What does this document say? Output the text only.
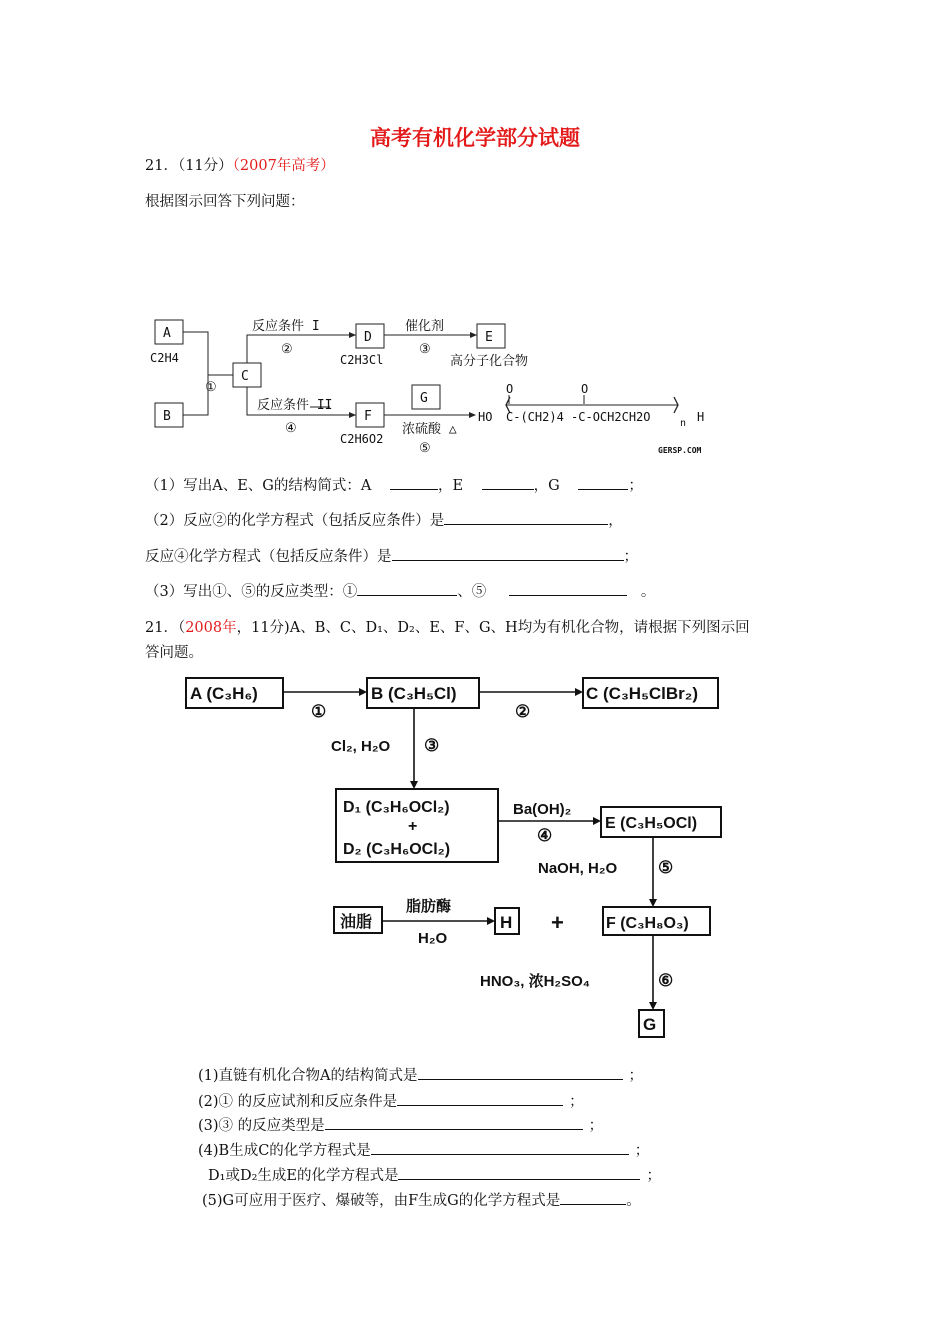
高考有机化学部分试题
21．（11分）（2007年高考）
根据图示回答下列问题：
A
C2H4
B
C
D
C2H3Cl
E
高分子化合物
F
C2H6O2
G
反应条件 I
②
反应条件 II
④
①
催化剂
③
浓硫酸 △
⑤
O	O
HO C-(CH2)4 -C-OCH2CH2O	n H
GERSP.COM
（1）写出A、E、G的结构简式：A	，E	，G	；
（2）反应②的化学方程式（包括反应条件）是	，
反应④化学方程式（包括反应条件）是	；
（3）写出①、⑤的反应类型：①	、⑤	。
21．（2008年，11分)A、B、C、D₁、D₂、E、F、G、H均为有机化合物，请根据下列图示回
答问题。
A (C₃H₆)	B (C₃H₅Cl)	C (C₃H₅ClBr₂)
①	②
Cl₂, H₂O ③
D₁ (C₃H₆OCl₂)
+
D₂ (C₃H₆OCl₂)
Ba(OH)₂
④
E (C₃H₅OCl)
NaOH, H₂O ⑤
油脂
脂肪酶
H₂O
H +	F (C₃H₈O₃)
HNO₃, 浓H₂SO₄	⑥
G
(1)直链有机化合物A的结构简式是	；
(2)① 的反应试剂和反应条件是	；
(3)③ 的反应类型是	；
(4)B生成C的化学方程式是	；
D₁或D₂生成E的化学方程式是	；
(5)G可应用于医疗、爆破等，由F生成G的化学方程式是	。
